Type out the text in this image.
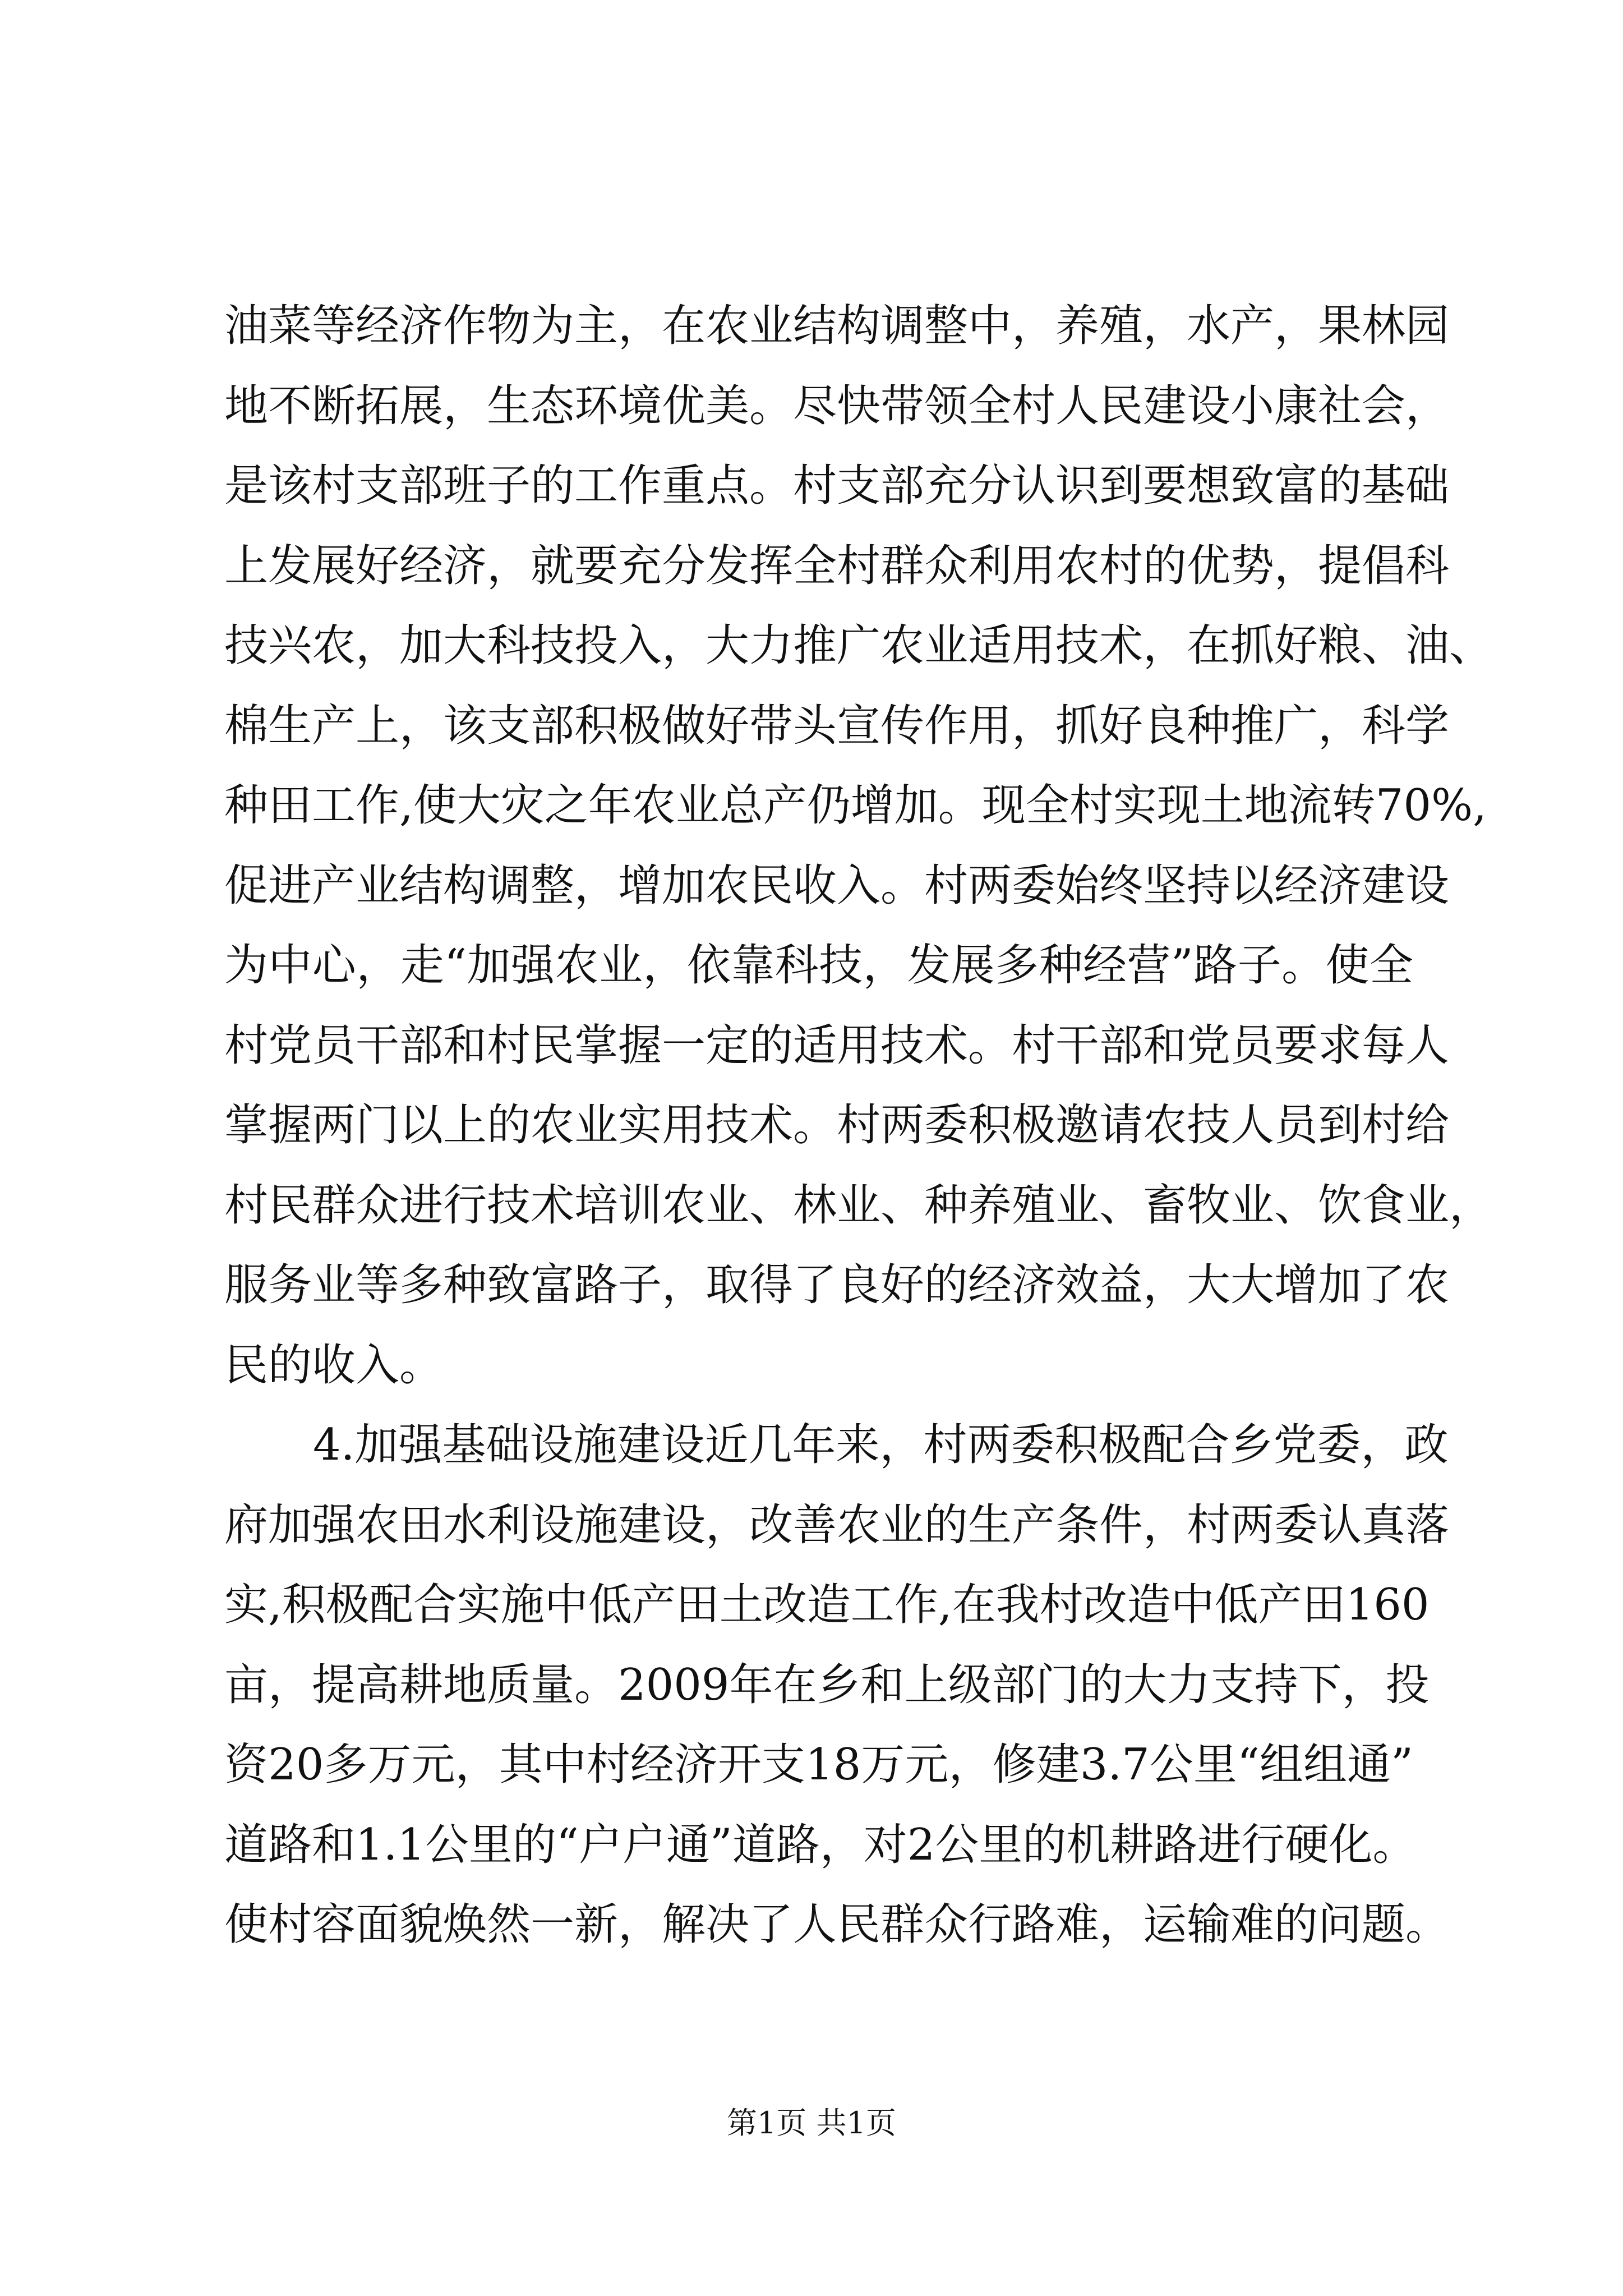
油菜等经济作物为主，在农业结构调整中，养殖，水产，果林园
地不断拓展，生态环境优美。尽快带领全村人民建设小康社会，
是该村支部班子的工作重点。村支部充分认识到要想致富的基础
上发展好经济，就要充分发挥全村群众利用农村的优势，提倡科
技兴农，加大科技投入，大力推广农业适用技术，在抓好粮、油、
棉生产上，该支部积极做好带头宣传作用，抓好良种推广，科学
种田工作,使大灾之年农业总产仍增加。现全村实现土地流转70%,
促进产业结构调整，增加农民收入。村两委始终坚持以经济建设
为中心，走“加强农业，依靠科技，发展多种经营”路子。使全
村党员干部和村民掌握一定的适用技术。村干部和党员要求每人
掌握两门以上的农业实用技术。村两委积极邀请农技人员到村给
村民群众进行技术培训农业、林业、种养殖业、畜牧业、饮食业，
服务业等多种致富路子，取得了良好的经济效益，大大增加了农
民的收入。
4.加强基础设施建设近几年来，村两委积极配合乡党委，政
府加强农田水利设施建设，改善农业的生产条件，村两委认真落
实,积极配合实施中低产田土改造工作,在我村改造中低产田160
亩，提高耕地质量。2009年在乡和上级部门的大力支持下，投
资20多万元，其中村经济开支18万元，修建3.7公里“组组通”
道路和1.1公里的“户户通”道路，对2公里的机耕路进行硬化。
使村容面貌焕然一新，解决了人民群众行路难，运输难的问题。
第1页 共1页
